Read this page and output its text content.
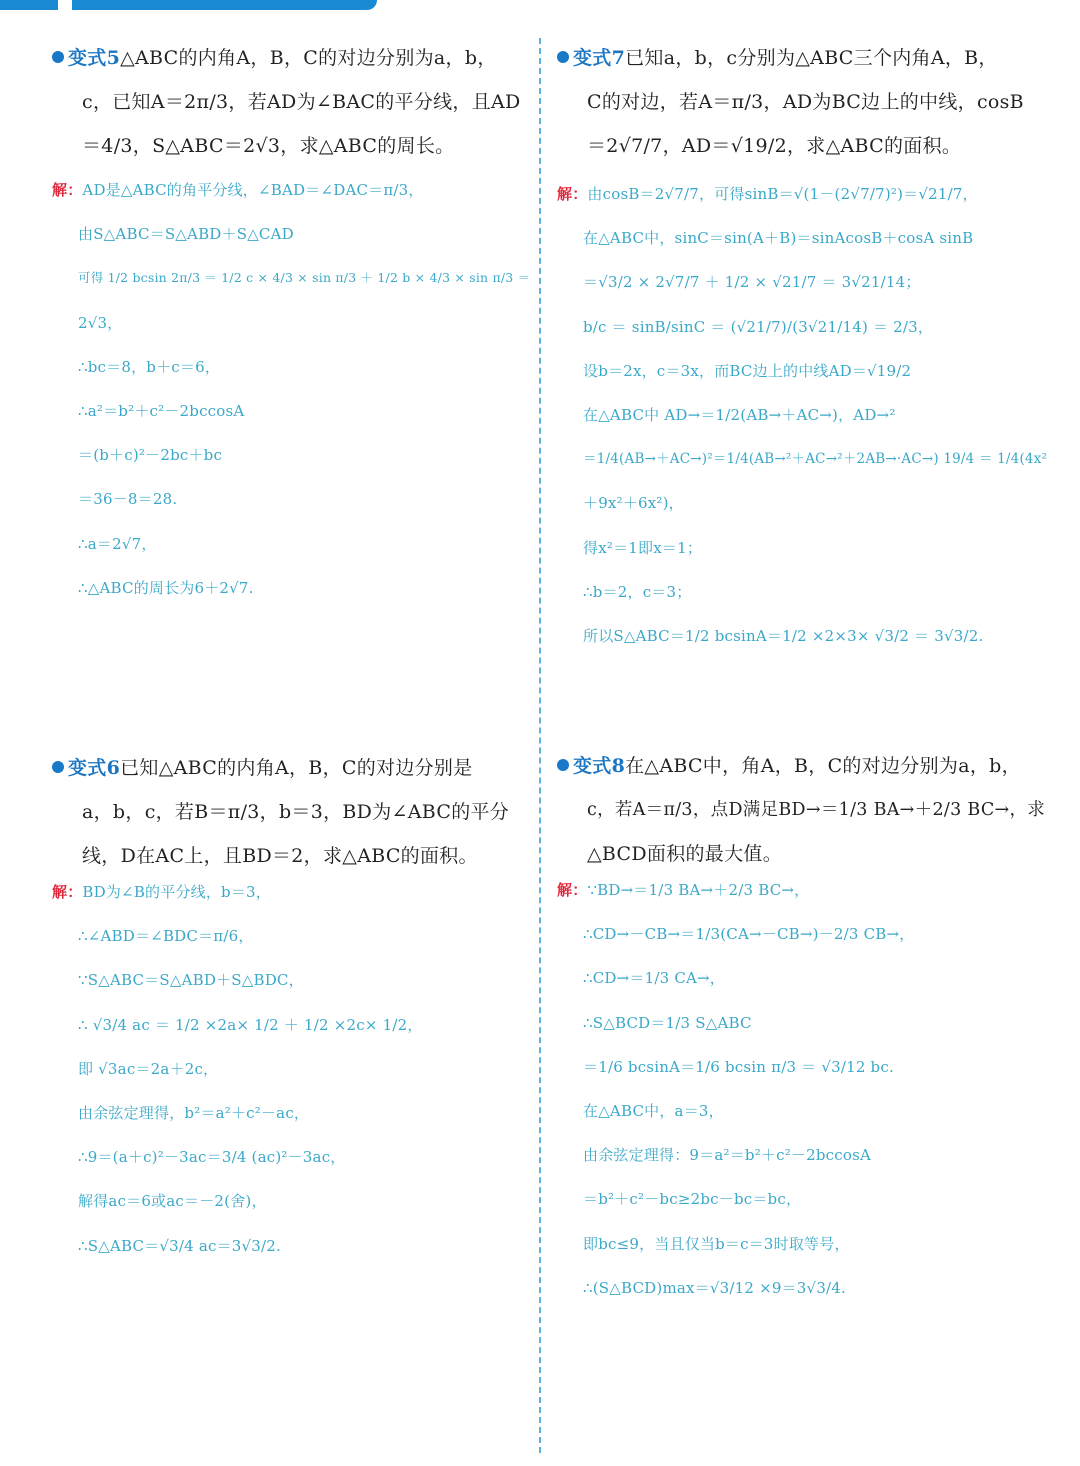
变式5△ABC的内角A，B，C的对边分别为a，b，
c，已知A＝2π/3，若AD为∠BAC的平分线，且AD
＝4/3，S△ABC＝2√3，求△ABC的周长。
解：AD是△ABC的角平分线，∠BAD＝∠DAC＝π/3，
由S△ABC＝S△ABD＋S△CAD
可得 1/2 bcsin 2π/3 ＝ 1/2 c × 4/3 × sin π/3 ＋ 1/2 b × 4/3 × sin π/3 ＝
2√3，
∴bc＝8，b＋c＝6，
∴a²＝b²＋c²－2bccosA
＝(b＋c)²－2bc＋bc
＝36－8＝28.
∴a＝2√7，
∴△ABC的周长为6＋2√7.
变式7已知a，b，c分别为△ABC三个内角A，B，
C的对边，若A＝π/3，AD为BC边上的中线，cosB
＝2√7/7，AD＝√19/2，求△ABC的面积。
解：由cosB＝2√7/7，可得sinB＝√(1－(2√7/7)²)＝√21/7，
在△ABC中，sinC＝sin(A＋B)＝sinAcosB＋cosA sinB
＝√3/2 × 2√7/7 ＋ 1/2 × √21/7 ＝ 3√21/14；
b/c ＝ sinB/sinC ＝ (√21/7)/(3√21/14) ＝ 2/3，
设b＝2x，c＝3x，而BC边上的中线AD＝√19/2
在△ABC中 AD→＝1/2(AB→＋AC→)，AD→²
＝1/4(AB→＋AC→)²＝1/4(AB→²＋AC→²＋2AB→·AC→) 19/4 ＝ 1/4(4x²
＋9x²＋6x²)，
得x²＝1即x＝1；
∴b＝2，c＝3；
所以S△ABC＝1/2 bcsinA＝1/2 ×2×3× √3/2 ＝ 3√3/2.
变式6已知△ABC的内角A，B，C的对边分别是
a，b，c，若B＝π/3，b＝3，BD为∠ABC的平分
线，D在AC上，且BD＝2，求△ABC的面积。
解：BD为∠B的平分线，b＝3，
∴∠ABD＝∠BDC＝π/6，
∵S△ABC＝S△ABD＋S△BDC，
∴ √3/4 ac ＝ 1/2 ×2a× 1/2 ＋ 1/2 ×2c× 1/2，
即 √3ac＝2a＋2c，
由余弦定理得，b²＝a²＋c²－ac，
∴9＝(a＋c)²－3ac＝3/4 (ac)²－3ac，
解得ac＝6或ac＝－2(舍)，
∴S△ABC＝√3/4 ac＝3√3/2.
变式8在△ABC中，角A，B，C的对边分别为a，b，
c，若A＝π/3，点D满足BD→＝1/3 BA→＋2/3 BC→，求
△BCD面积的最大值。
解：∵BD→＝1/3 BA→＋2/3 BC→，
∴CD→－CB→＝1/3(CA→－CB→)－2/3 CB→，
∴CD→＝1/3 CA→，
∴S△BCD＝1/3 S△ABC
＝1/6 bcsinA＝1/6 bcsin π/3 ＝ √3/12 bc.
在△ABC中，a＝3，
由余弦定理得：9＝a²＝b²＋c²－2bccosA
＝b²＋c²－bc≥2bc－bc＝bc，
即bc≤9，当且仅当b＝c＝3时取等号，
∴(S△BCD)max＝√3/12 ×9＝3√3/4.
